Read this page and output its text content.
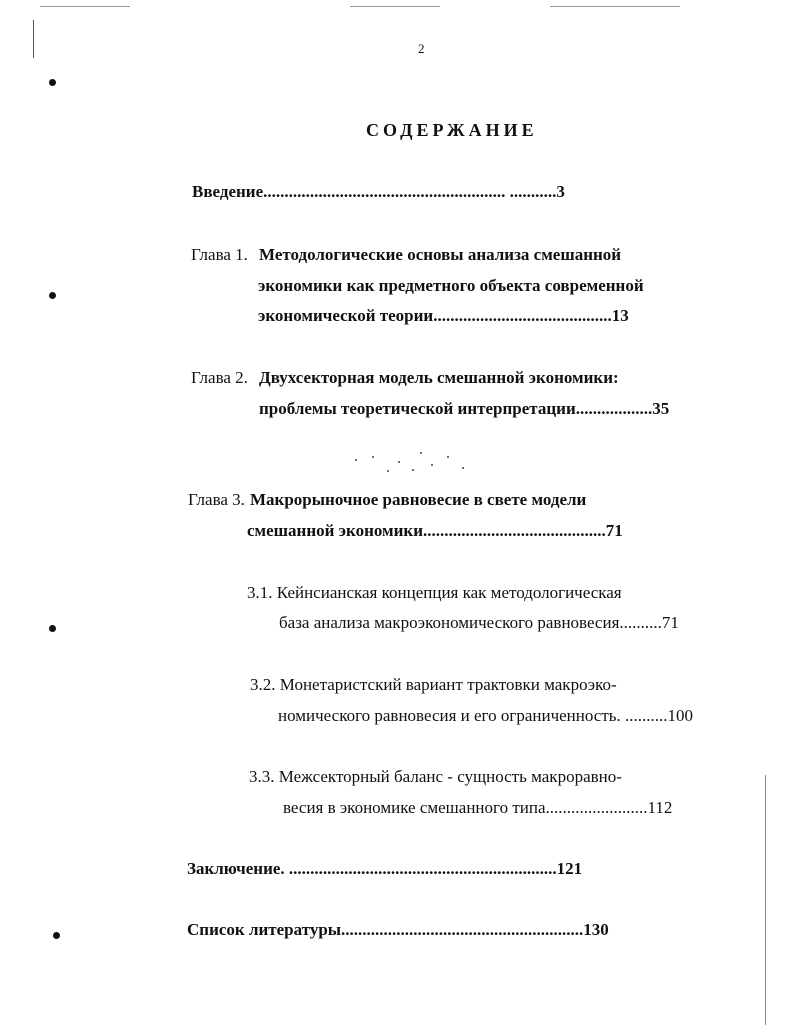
2
СОДЕРЖАНИЕ
Введение......................................................... ...........3
Глава 1. Методологические основы анализа смешанной
экономики как предметного объекта современной
экономической теории..........................................13
Глава 2. Двухсекторная модель смешанной экономики:
проблемы теоретической интерпретации..................35
Глава 3. Макрорыночное равновесие в свете модели
смешанной экономики...........................................71
3.1. Кейнсианская концепция как методологическая
база анализа макроэкономического равновесия..........71
3.2. Монетаристский вариант трактовки макроэко-
номического равновесия и его ограниченность. ..........100
3.3. Межсекторный баланс - сущность макроравно-
весия в экономике смешанного типа........................112
Заключение. ...............................................................121
Список литературы.........................................................130
